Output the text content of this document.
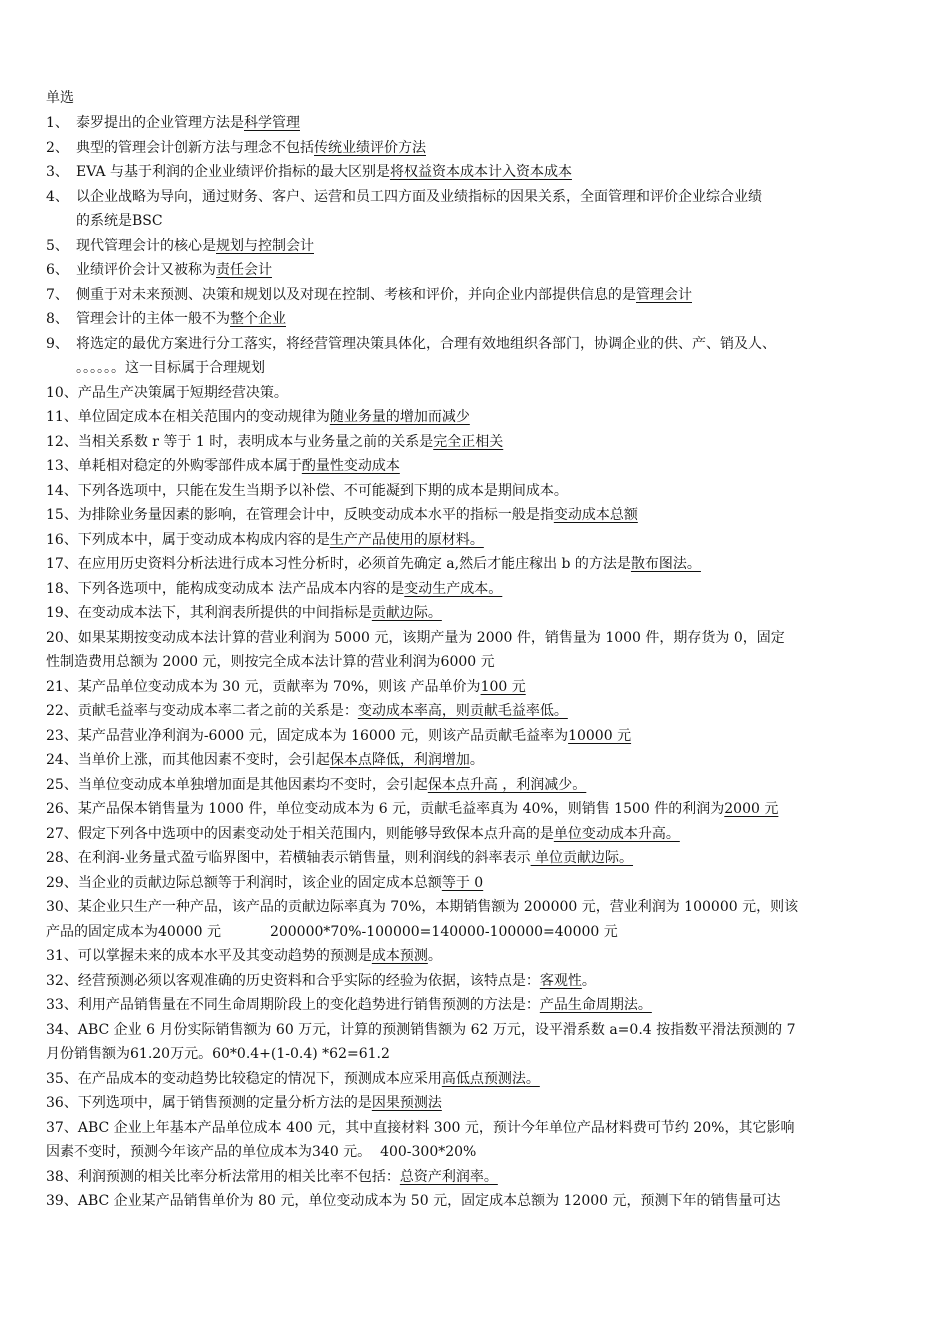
单选
1、 泰罗提出的企业管理方法是科学管理
2、 典型的管理会计创新方法与理念不包括传统业绩评价方法
3、 EVA 与基于利润的企业业绩评价指标的最大区别是将权益资本成本计入资本成本
4、 以企业战略为导向，通过财务、客户、运营和员工四方面及业绩指标的因果关系，全面管理和评价企业综合业绩
的系统是BSC
5、 现代管理会计的核心是规划与控制会计
6、 业绩评价会计又被称为责任会计
7、 侧重于对未来预测、决策和规划以及对现在控制、考核和评价，并向企业内部提供信息的是管理会计
8、 管理会计的主体一般不为整个企业
9、 将选定的最优方案进行分工落实，将经营管理决策具体化，合理有效地组织各部门，协调企业的供、产、销及人、
。。。。。。这一目标属于合理规划
10、产品生产决策属于短期经营决策。
11、单位固定成本在相关范围内的变动规律为随业务量的增加而减少
12、当相关系数 r 等于 1 时，表明成本与业务量之前的关系是完全正相关
13、单耗相对稳定的外购零部件成本属于酌量性变动成本
14、下列各选项中，只能在发生当期予以补偿、不可能凝到下期的成本是期间成本。
15、为排除业务量因素的影响，在管理会计中，反映变动成本水平的指标一般是指变动成本总额
16、下列成本中，属于变动成本构成内容的是生产产品使用的原材料。
17、在应用历史资料分析法进行成本习性分析时，必须首先确定 a,然后才能庄稼出 b 的方法是散布图法。
18、下列各选项中，能构成变动成本 法产品成本内容的是变动生产成本。
19、在变动成本法下，其利润表所提供的中间指标是贡献边际。
20、如果某期按变动成本法计算的营业利润为 5000 元，该期产量为 2000 件，销售量为 1000 件，期存货为 0，固定
性制造费用总额为 2000 元，则按完全成本法计算的营业利润为6000 元
21、某产品单位变动成本为 30 元，贡献率为 70%，则该 产品单价为100 元
22、贡献毛益率与变动成本率二者之前的关系是：变动成本率高，则贡献毛益率低。
23、某产品营业净利润为-6000 元，固定成本为 16000 元，则该产品贡献毛益率为10000 元
24、当单价上涨，而其他因素不变时，会引起保本点降低，利润增加。
25、当单位变动成本单独增加面是其他因素均不变时，会引起保本点升高 ，利润减少。
26、某产品保本销售量为 1000 件，单位变动成本为 6 元，贡献毛益率真为 40%，则销售 1500 件的利润为2000 元
27、假定下列各中选项中的因素变动处于相关范围内，则能够导致保本点升高的是单位变动成本升高。
28、在利润-业务量式盈亏临界图中，若横轴表示销售量，则利润线的斜率表示 单位贡献边际。
29、当企业的贡献边际总额等于利润时，该企业的固定成本总额等于 0
30、某企业只生产一种产品，该产品的贡献边际率真为 70%，本期销售额为 200000 元，营业利润为 100000 元，则该
产品的固定成本为40000 元           200000*70%-100000=140000-100000=40000 元
31、可以掌握未来的成本水平及其变动趋势的预测是成本预测。
32、经营预测必须以客观准确的历史资料和合乎实际的经验为依据，该特点是：客观性。
33、利用产品销售量在不同生命周期阶段上的变化趋势进行销售预测的方法是：产品生命周期法。
34、ABC 企业 6 月份实际销售额为 60 万元，计算的预测销售额为 62 万元，设平滑系数 a=0.4 按指数平滑法预测的 7
月份销售额为61.20万元。60*0.4+(1-0.4) *62=61.2
35、在产品成本的变动趋势比较稳定的情况下，预测成本应采用高低点预测法。
36、下列选项中，属于销售预测的定量分析方法的是因果预测法
37、ABC 企业上年基本产品单位成本 400 元，其中直接材料 300 元，预计今年单位产品材料费可节约 20%，其它影响
因素不变时，预测今年该产品的单位成本为340 元。  400-300*20%
38、利润预测的相关比率分析法常用的相关比率不包括：总资产利润率。
39、ABC 企业某产品销售单价为 80 元，单位变动成本为 50 元，固定成本总额为 12000 元，预测下年的销售量可达
